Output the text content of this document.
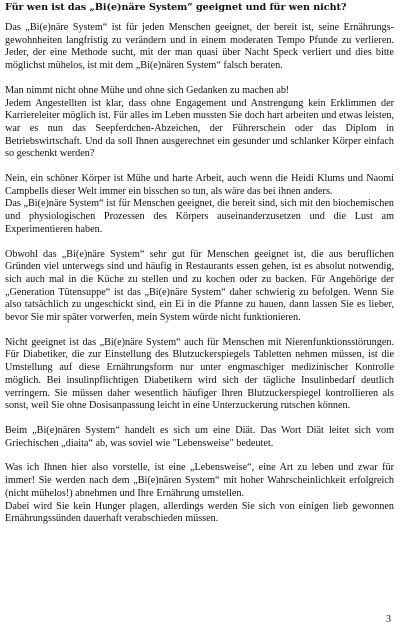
Für wen ist das „Bi(e)näre System“ geeignet und für wen nicht?

Das „Bi(e)näre System“ ist für jeden Menschen geeignet, der bereit ist, seine Ernährungs-gewohnheiten langfristig zu verändern und in einem moderaten Tempo Pfunde zu verlieren. Jeder, der eine Methode sucht, mit der man quasi über Nacht Speck verliert und dies bitte möglichst mühelos, ist mit dem „Bi(e)nären System“ falsch beraten.

Man nimmt nicht ohne Mühe und ohne sich Gedanken zu machen ab!

Jedem Angestellten ist klar, dass ohne Engagement und Anstrengung kein Erklimmen der Karriereleiter möglich ist. Für alles im Leben mussten Sie doch hart arbeiten und etwas leisten, war es nun das Seepferdchen-Abzeichen, der Führerschein oder das Diplom in Betriebswirtschaft. Und da soll Ihnen ausgerechnet ein gesunder und schlanker Körper einfach so geschenkt werden?

Nein, ein schöner Körper ist Mühe und harte Arbeit, auch wenn die Heidi Klums und Naomi Campbells dieser Welt immer ein bisschen so tun, als wäre das bei ihnen anders.

Das „Bi(e)näre System“ ist für Menschen geeignet, die bereit sind, sich mit den biochemischen und physiologischen Prozessen des Körpers auseinanderzusetzen und die Lust am Experimentieren haben.

Obwohl das „Bi(e)näre System“ sehr gut für Menschen geeignet ist, die aus beruflichen Gründen viel unterwegs sind und häufig in Restaurants essen gehen, ist es absolut notwendig, sich auch mal in die Küche zu stellen und zu kochen oder zu backen. Für Angehörige der „Generation Tütensuppe“ ist das „Bi(e)näre System“ daher schwierig zu befolgen. Wenn Sie also tatsächlich zu ungeschickt sind, ein Ei in die Pfanne zu hauen, dann lassen Sie es lieber, bevor Sie mir später vorwerfen, mein System würde nicht funktionieren.

Nicht geeignet ist das „Bi(e)näre System“ auch für Menschen mit Nierenfunktionsstörungen. Für Diabetiker, die zur Einstellung des Blutzuckerspiegels Tabletten nehmen müssen, ist die Umstellung auf diese Ernährungsform nur unter engmaschiger medizinischer Kontrolle möglich. Bei insulinpflichtigen Diabetikern wird sich der tägliche Insulinbedarf deutlich verringern. Sie müssen daher wesentlich häufiger Ihren Blutzuckerspiegel kontrollieren als sonst, weil Sie ohne Dosisanpassung leicht in eine Unterzuckerung rutschen können.

Beim „Bi(e)nären System“ handelt es sich um eine Diät. Das Wort Diät leitet sich vom Griechischen „diaita“ ab, was soviel wie "Lebensweise" bedeutet.

Was ich Ihnen hier also vorstelle, ist eine „Lebensweise“, eine Art zu leben und zwar für immer! Sie werden nach dem „Bi(e)nären System“ mit hoher Wahrscheinlichkeit erfolgreich (nicht mühelos!) abnehmen und Ihre Ernährung umstellen.

Dabei wird Sie kein Hunger plagen, allerdings werden Sie sich von einigen lieb gewonnen Ernährungssünden dauerhaft verabschieden müssen.

3
